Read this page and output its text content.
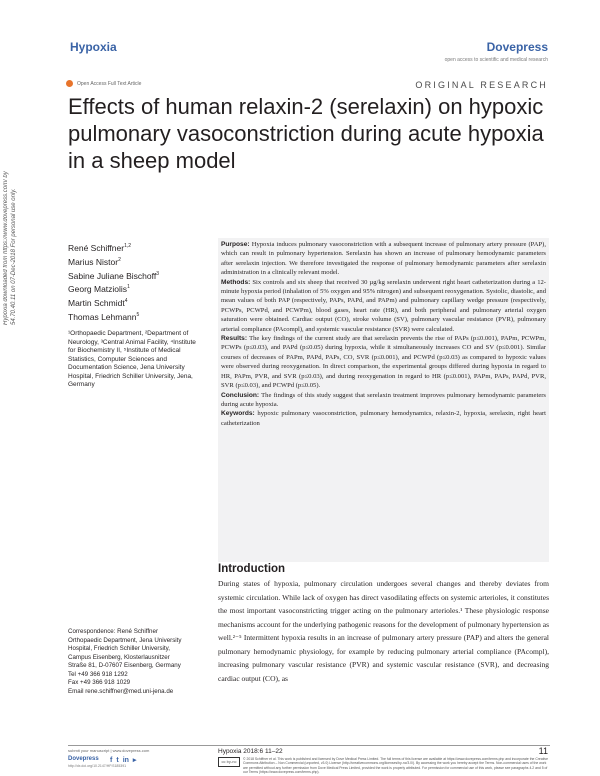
Hypoxia	Dovepress
open access to scientific and medical research
Open Access Full Text Article	ORIGINAL RESEARCH
Effects of human relaxin-2 (serelaxin) on hypoxic pulmonary vasoconstriction during acute hypoxia in a sheep model
Hypoxia downloaded from https://www.dovepress.com/ by 54.70.40.11 on 07-Dec-2018 For personal use only.	René Schiffner$^{1,2}$
Marius Nistor$^2$
Sabine Juliane Bischoff$^3$
Georg Matziolis$^1$
Martin Schmidt$^4$
Thomas Lehmann$^5$
¹Orthopaedic Department, ²Department of Neurology, ³Central Animal Facility, ⁴Institute for Biochemistry II, ⁵Institute of Medical Statistics, Computer Sciences and Documentation Science, Jena University Hospital, Friedrich Schiller University, Jena, Germany

Purpose: Hypoxia induces pulmonary vasoconstriction with a subsequent increase of pulmonary artery pressure (PAP), which can result in pulmonary hypertension. Serelaxin has shown an increase of pulmonary hemodynamic parameters after serelaxin injection. We therefore investigated the response of pulmonary hemodynamic parameters after serelaxin administration in a clinically relevant model.

Methods: Six controls and six sheep that received 30 µg/kg serelaxin underwent right heart catheterization during a 12-minute hypoxia period (inhalation of 5% oxygen and 95% nitrogen) and subsequent reoxygenation. Systolic, diastolic, and mean values of both PAP (respectively, PAPs, PAPd, and PAPm) and pulmonary capillary wedge pressure (respectively, PCWPs, PCWPd, and PCWPm), blood gases, heart rate (HR), and both peripheral and pulmonary arterial oxygen saturation were obtained. Cardiac output (CO), stroke volume (SV), pulmonary vascular resistance (PVR), pulmonary arterial compliance (PAcompl), and systemic vascular resistance (SVR) were calculated.

Results: The key findings of the current study are that serelaxin prevents the rise of PAPs (p≤0.001), PAPm, PCWPm, PCWPs (p≤0.03), and PAPd (p≤0.05) during hypoxia, while it simultaneously increases CO and SV (p≤0.001). Similar courses of decreases of PAPm, PAPd, PAPs, CO, SVR (p≤0.001), and PCWPd (p≤0.03) as compared to hypoxic values were observed during reoxygenation. In direct comparison, the experimental groups differed during hypoxia in regard to HR, PAPm, PVR, and SVR (p≤0.03), and during reoxygenation in regard to HR (p≤0.001), PAPm, PAPs, PAPd, PVR, SVR (p≤0.03), and PCWPd (p≤0.05).

Conclusion: The findings of this study suggest that serelaxin treatment improves pulmonary hemodynamic parameters during acute hypoxia.

Keywords: hypoxic pulmonary vasoconstriction, pulmonary hemodynamics, relaxin-2, hypoxia, serelaxin, right heart catheterization

Introduction
During states of hypoxia, pulmonary circulation undergoes several changes and thereby deviates from systemic circulation. While lack of oxygen has direct vasodilating effects on systemic arterioles, it constitutes the most important vasoconstricting trigger acting on the pulmonary arterioles.¹ These physiologic response mechanisms account for the underlying pathogenic reasons for the development of pulmonary hypertension as well.²⁻⁵ Intermittent hypoxia results in an increase of pulmonary artery pressure (PAP) and alters the general pulmonary hemodynamic physiology, for example by reducing pulmonary arterial compliance (PAcompl), increasing pulmonary vascular resistance (PVR) and systemic vascular resistance (SVR), and decreasing cardiac output (CO), as
Correspondence: René Schiffner
Orthopaedic Department, Jena University
Hospital, Friedrich Schiller University,
Campus Eisenberg, Klosterlausnitzer
Straße 81, D-07607 Eisenberg, Germany
Tel +49 366 918 1292
Fax +49 366 918 1029
Email rene.schiffner@med.uni-jena.de
submit your manuscript | www.dovepress.com
Dovepress f t in ▸
http://dx.doi.org/10.2147/HP.S185391
Hypoxia 2018:6 11–22	11
cc by-nc	© 2018 Schiffner et al. This work is published and licensed by Dove Medical Press Limited. The full terms of this license are available at https://www.dovepress.com/terms.php and incorporate the Creative Commons Attribution – Non Commercial (unported, v3.0) License (http://creativecommons.org/licenses/by-nc/3.0/). By accessing the work you hereby accept the Terms. Non-commercial uses of the work are permitted without any further permission from Dove Medical Press Limited, provided the work is properly attributed. For permission for commercial use of this work, please see paragraphs 4.2 and 5 of our Terms (https://www.dovepress.com/terms.php).
